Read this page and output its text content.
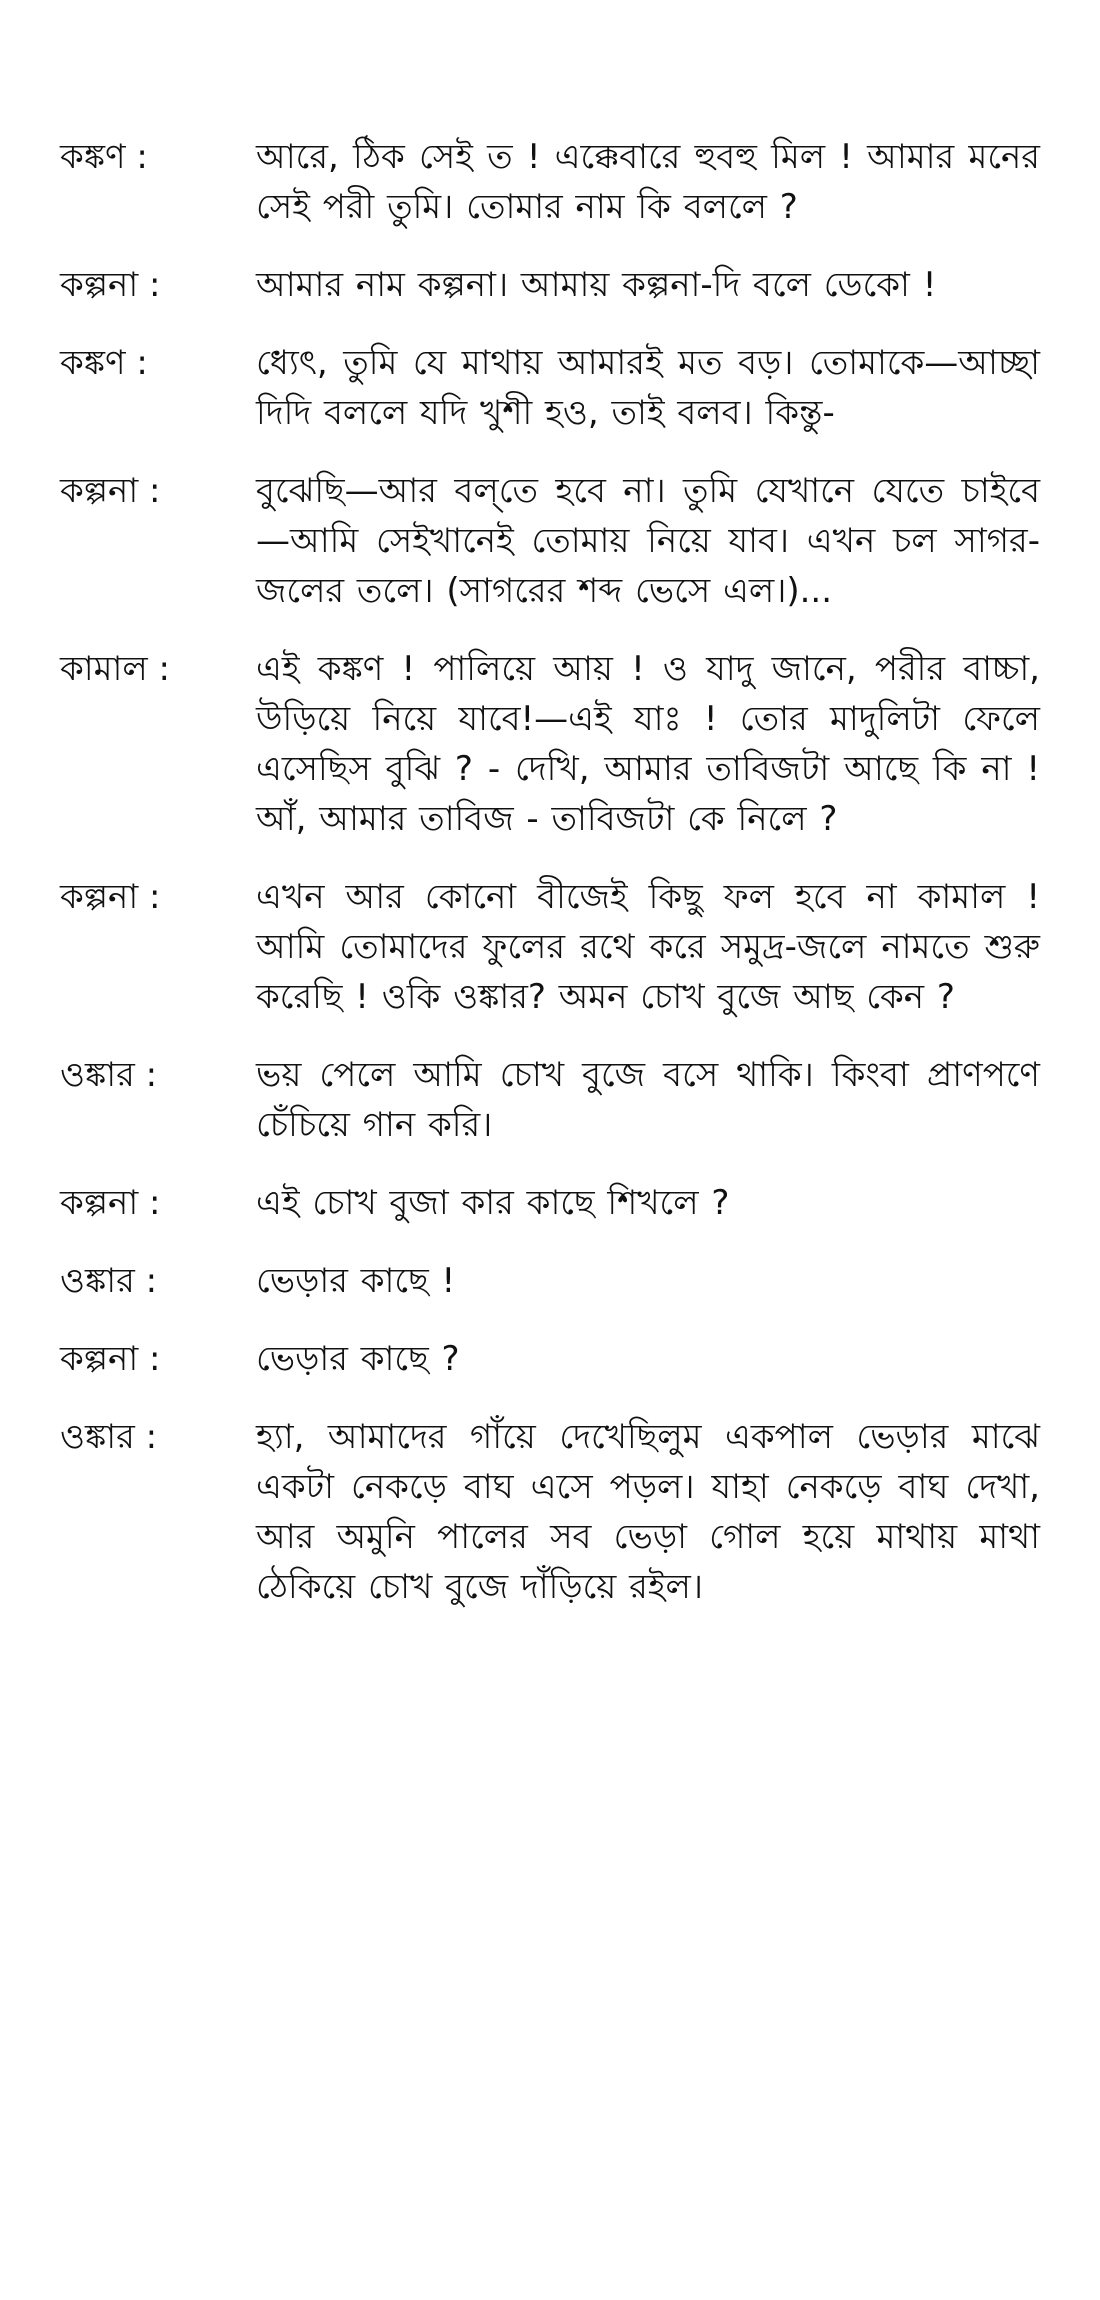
কঙ্কণ :	আরে, ঠিক সেই ত ! এক্কেবারে হুবহু মিল ! আমার মনের সেই পরী তুমি। তোমার নাম কি বললে ?
কল্পনা :	আমার নাম কল্পনা। আমায় কল্পনা-দি বলে ডেকো !
কঙ্কণ :	ধ্যেৎ, তুমি যে মাথায় আমারই মত বড়। তোমাকে—আচ্ছা দিদি বললে যদি খুশী হও, তাই বলব। কিন্তু-
কল্পনা :	বুঝেছি—আর বল্‌তে হবে না। তুমি যেখানে যেতে চাইবে—আমি সেইখানেই তোমায় নিয়ে যাব। এখন চল সাগর-জলের তলে। (সাগরের শব্দ ভেসে এল।)...
কামাল :	এই কঙ্কণ ! পালিয়ে আয় ! ও যাদু জানে, পরীর বাচ্চা, উড়িয়ে নিয়ে যাবে!—এই যাঃ ! তোর মাদুলিটা ফেলে এসেছিস বুঝি ? - দেখি, আমার তাবিজটা আছে কি না ! আঁ, আমার তাবিজ - তাবিজটা কে নিলে ?
কল্পনা :	এখন আর কোনো বীজেই কিছু ফল হবে না কামাল ! আমি তোমাদের ফুলের রথে করে সমুদ্র-জলে নামতে শুরু করেছি ! ওকি ওঙ্কার? অমন চোখ বুজে আছ কেন ?
ওঙ্কার :	ভয় পেলে আমি চোখ বুজে বসে থাকি। কিংবা প্রাণপণে চেঁচিয়ে গান করি।
কল্পনা :	এই চোখ বুজা কার কাছে শিখলে ?
ওঙ্কার :	ভেড়ার কাছে !
কল্পনা :	ভেড়ার কাছে ?
ওঙ্কার :	হ্যা, আমাদের গাঁয়ে দেখেছিলুম একপাল ভেড়ার মাঝে একটা নেকড়ে বাঘ এসে পড়ল। যাহা নেকড়ে বাঘ দেখা, আর অমুনি পালের সব ভেড়া গোল হয়ে মাথায় মাথা ঠেকিয়ে চোখ বুজে দাঁড়িয়ে রইল।
